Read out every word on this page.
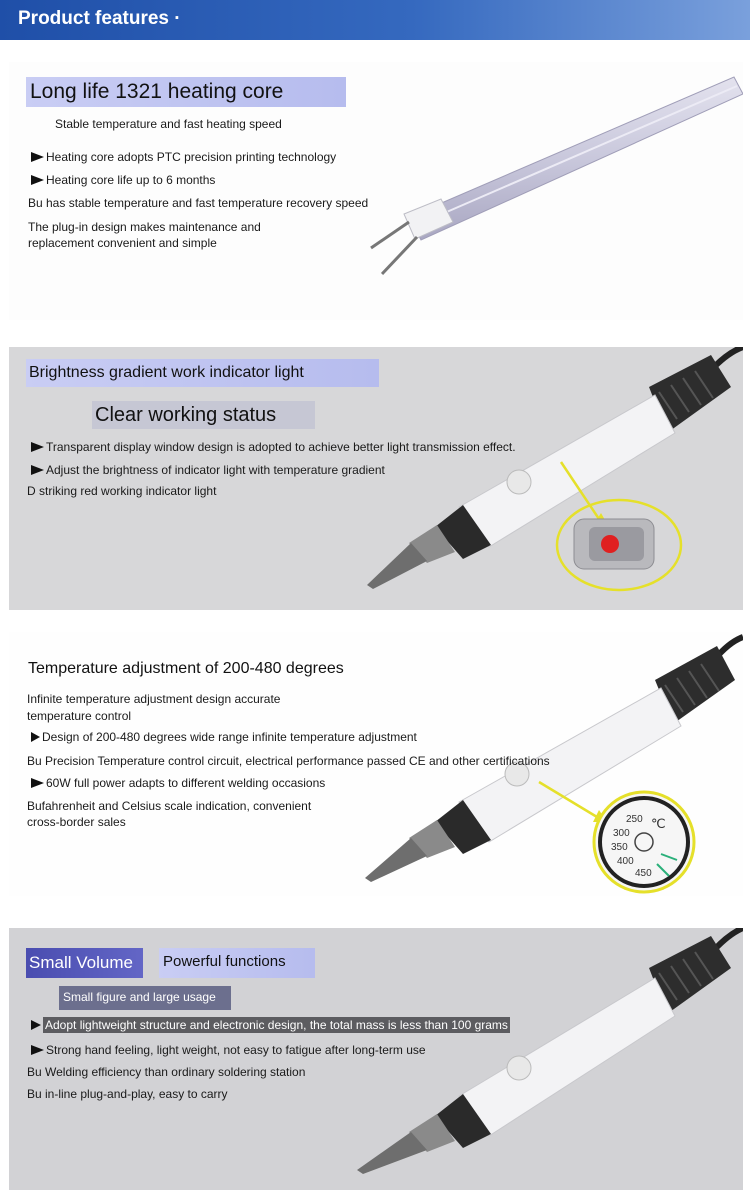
Product features ·
Long life 1321 heating core
Stable temperature and fast heating speed
Heating core adopts PTC precision printing technology
Heating core life up to 6 months
Bu has stable temperature and fast temperature recovery speed
The plug-in design makes maintenance and
replacement convenient and simple
Brightness gradient work indicator light
Clear working status
Transparent display window design is adopted to achieve better light transmission effect.
Adjust the brightness of indicator light with temperature gradient
D striking red working indicator light
250
300
350
400
450
℃
Temperature adjustment of 200-480 degrees
Infinite temperature adjustment design accurate
temperature control
Design of 200-480 degrees wide range infinite temperature adjustment
Bu Precision Temperature control circuit, electrical performance passed CE and other certifications
60W full power adapts to different welding occasions
Bufahrenheit and Celsius scale indication, convenient
cross-border sales
Small Volume	Powerful functions
Small figure and large usage
Adopt lightweight structure and electronic design, the total mass is less than 100 grams
Strong hand feeling, light weight, not easy to fatigue after long-term use
Bu Welding efficiency than ordinary soldering station
Bu in-line plug-and-play, easy to carry
